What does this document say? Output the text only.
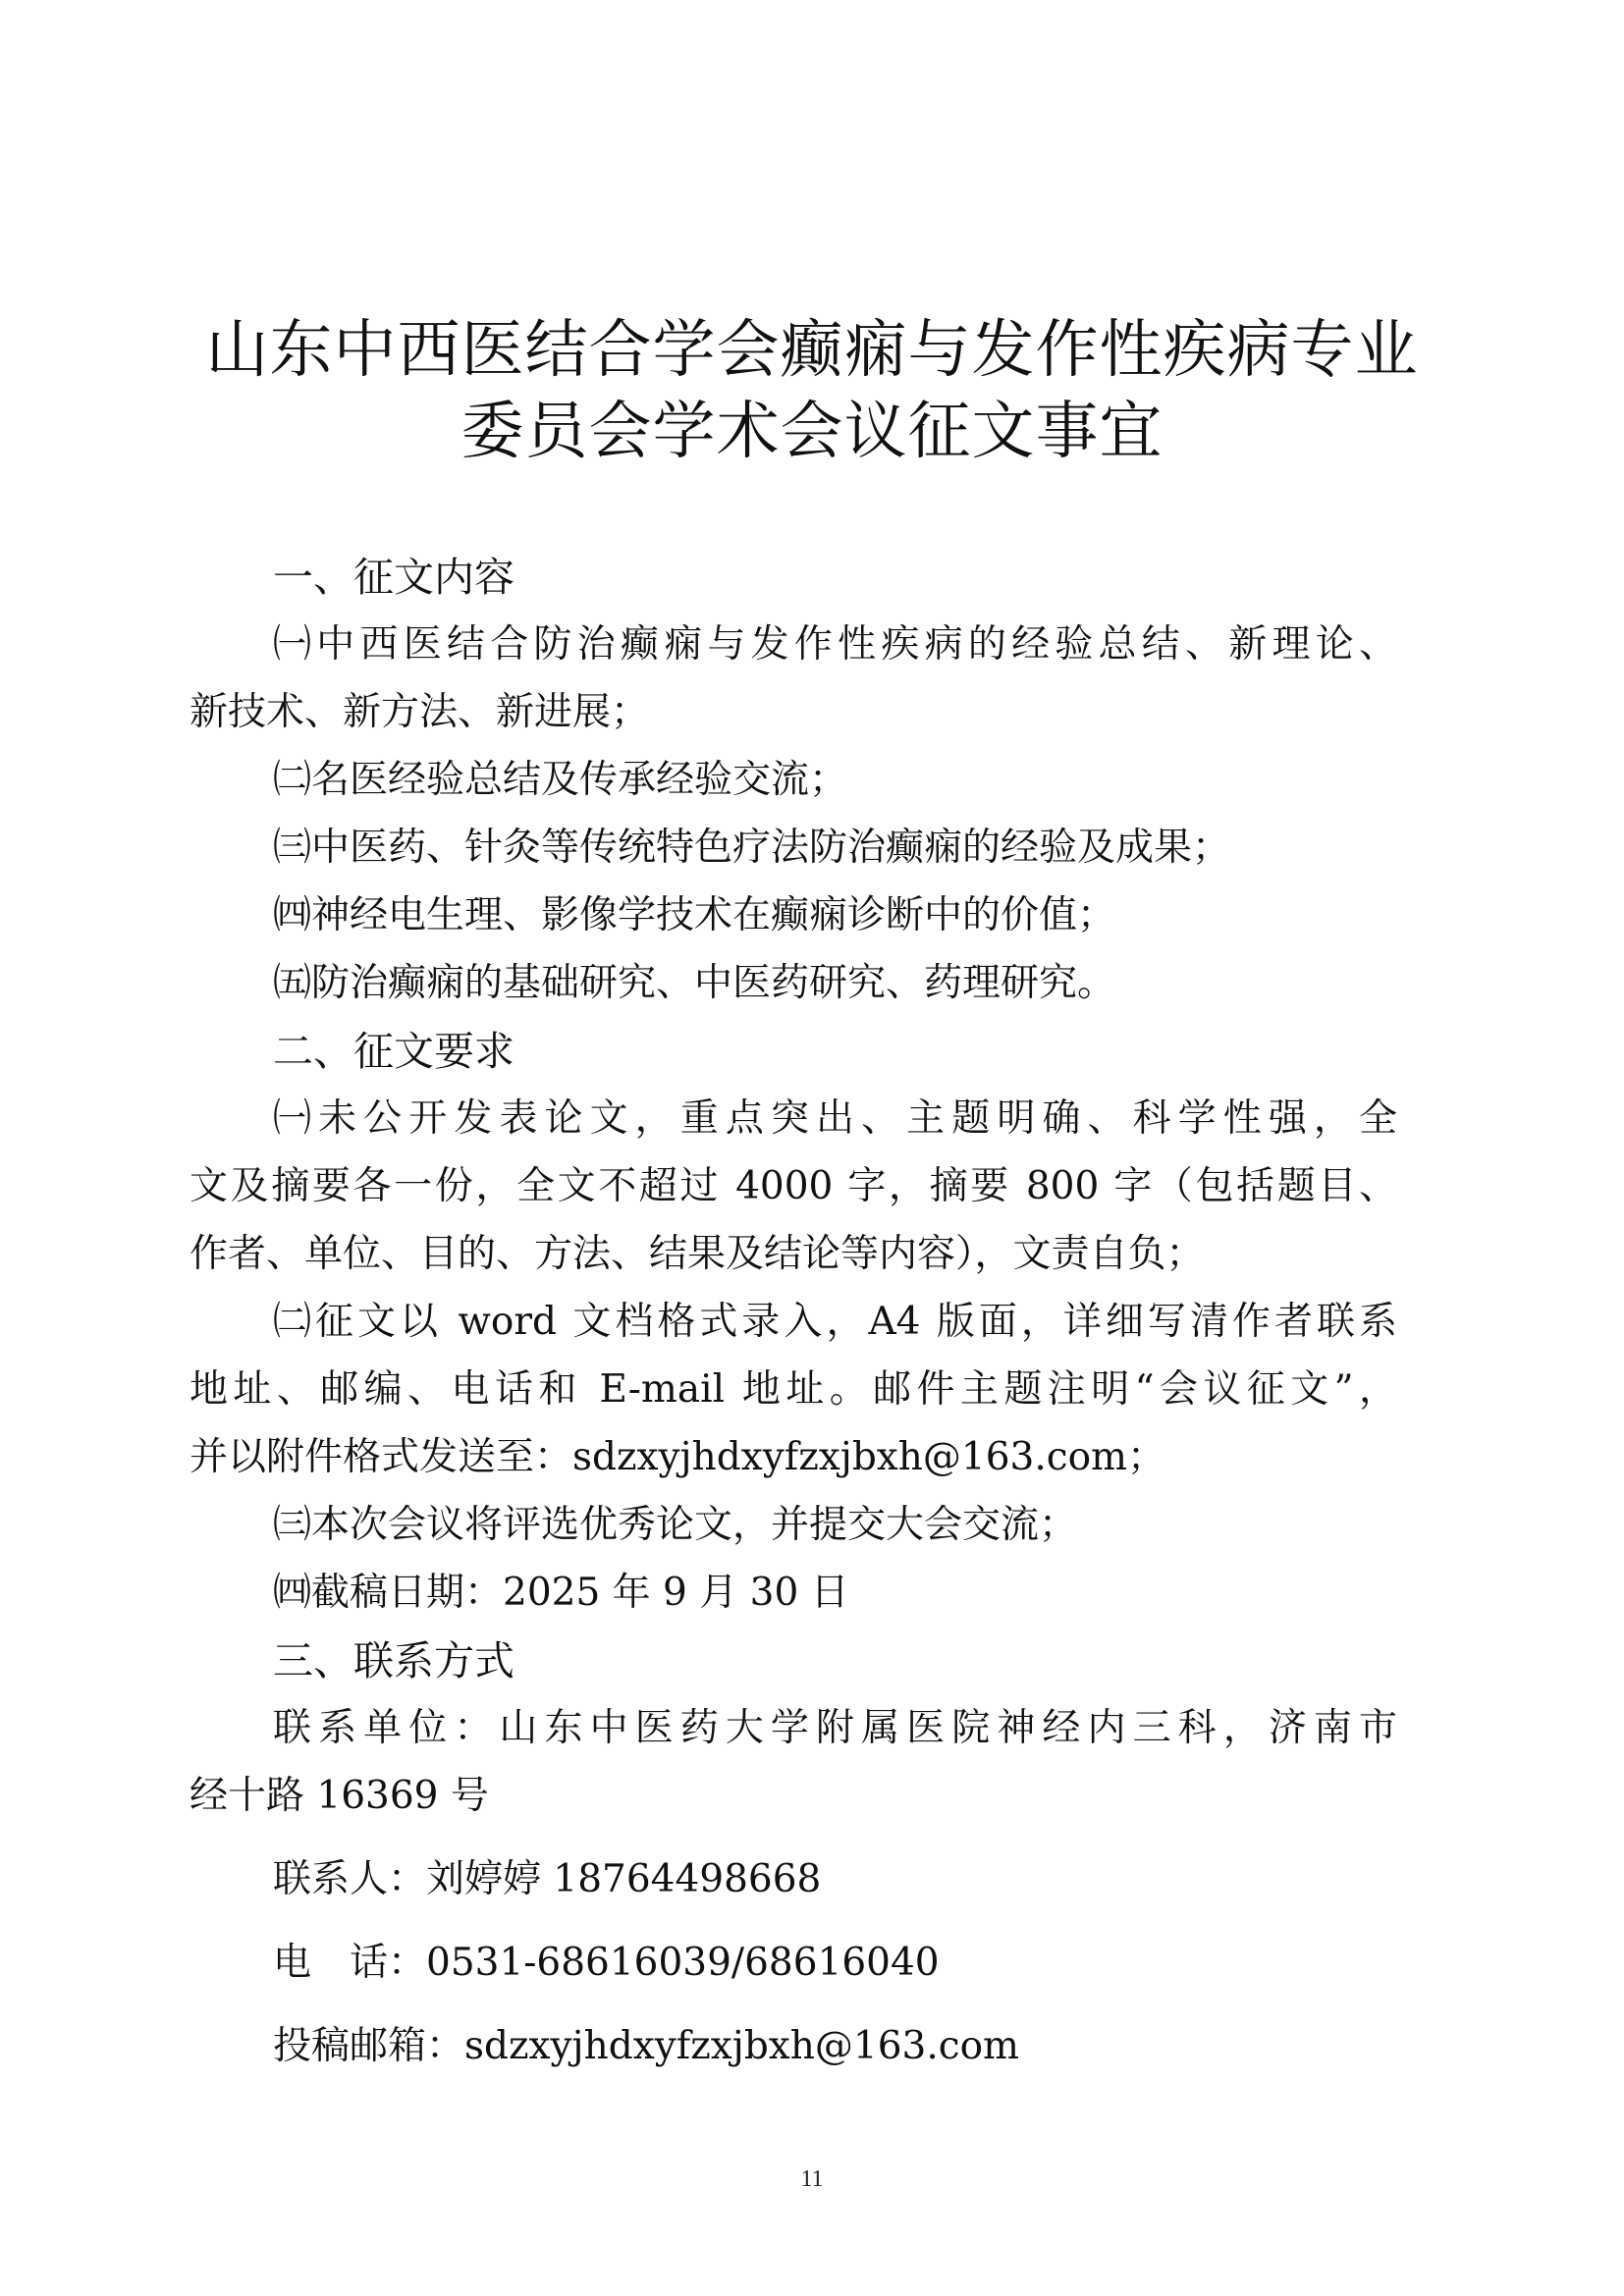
山东中西医结合学会癫痫与发作性疾病专业
委员会学术会议征文事宜
一、征文内容
㈠中西医结合防治癫痫与发作性疾病的经验总结、新理论、
新技术、新方法、新进展；
㈡名医经验总结及传承经验交流；
㈢中医药、针灸等传统特色疗法防治癫痫的经验及成果；
㈣神经电生理、影像学技术在癫痫诊断中的价值；
㈤防治癫痫的基础研究、中医药研究、药理研究。
二、征文要求
㈠未公开发表论文，重点突出、主题明确、科学性强，全
文及摘要各一份，全文不超过 4000 字，摘要 800 字（包括题目、
作者、单位、目的、方法、结果及结论等内容），文责自负；
㈡征文以 word 文档格式录入，A4 版面，详细写清作者联系
地址、邮编、电话和 E-mail 地址。邮件主题注明“会议征文”，
并以附件格式发送至：sdzxyjhdxyfzxjbxh@163.com；
㈢本次会议将评选优秀论文，并提交大会交流；
㈣截稿日期：2025 年 9 月 30 日
三、联系方式
联系单位：山东中医药大学附属医院神经内三科，济南市
经十路 16369 号
联系人：刘婷婷 18764498668
电　话：0531-68616039/68616040
投稿邮箱：sdzxyjhdxyfzxjbxh@163.com
11
